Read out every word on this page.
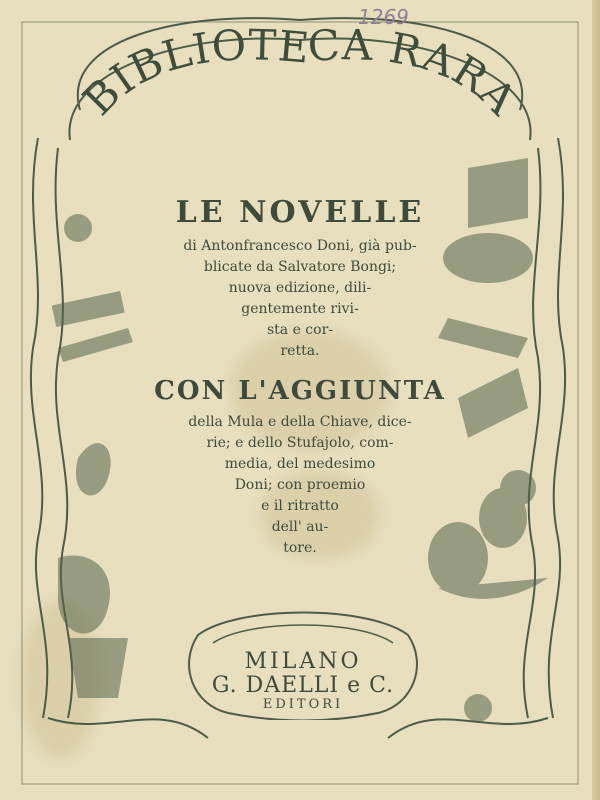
BIBLIOTECA RARA
1269
LE NOVELLE

di Antonfrancesco Doni, già pub-

blicate da Salvatore Bongi;

nuova edizione, dili-

gentemente rivi-

sta e cor-

retta.

CON L'AGGIUNTA

della Mula e della Chiave, dice-

rie; e dello Stufajolo, com-

media, del medesimo

Doni; con proemio

e il ritratto

dell' au-

tore.

MILANO
G. DAELLI e C.
EDITORI
